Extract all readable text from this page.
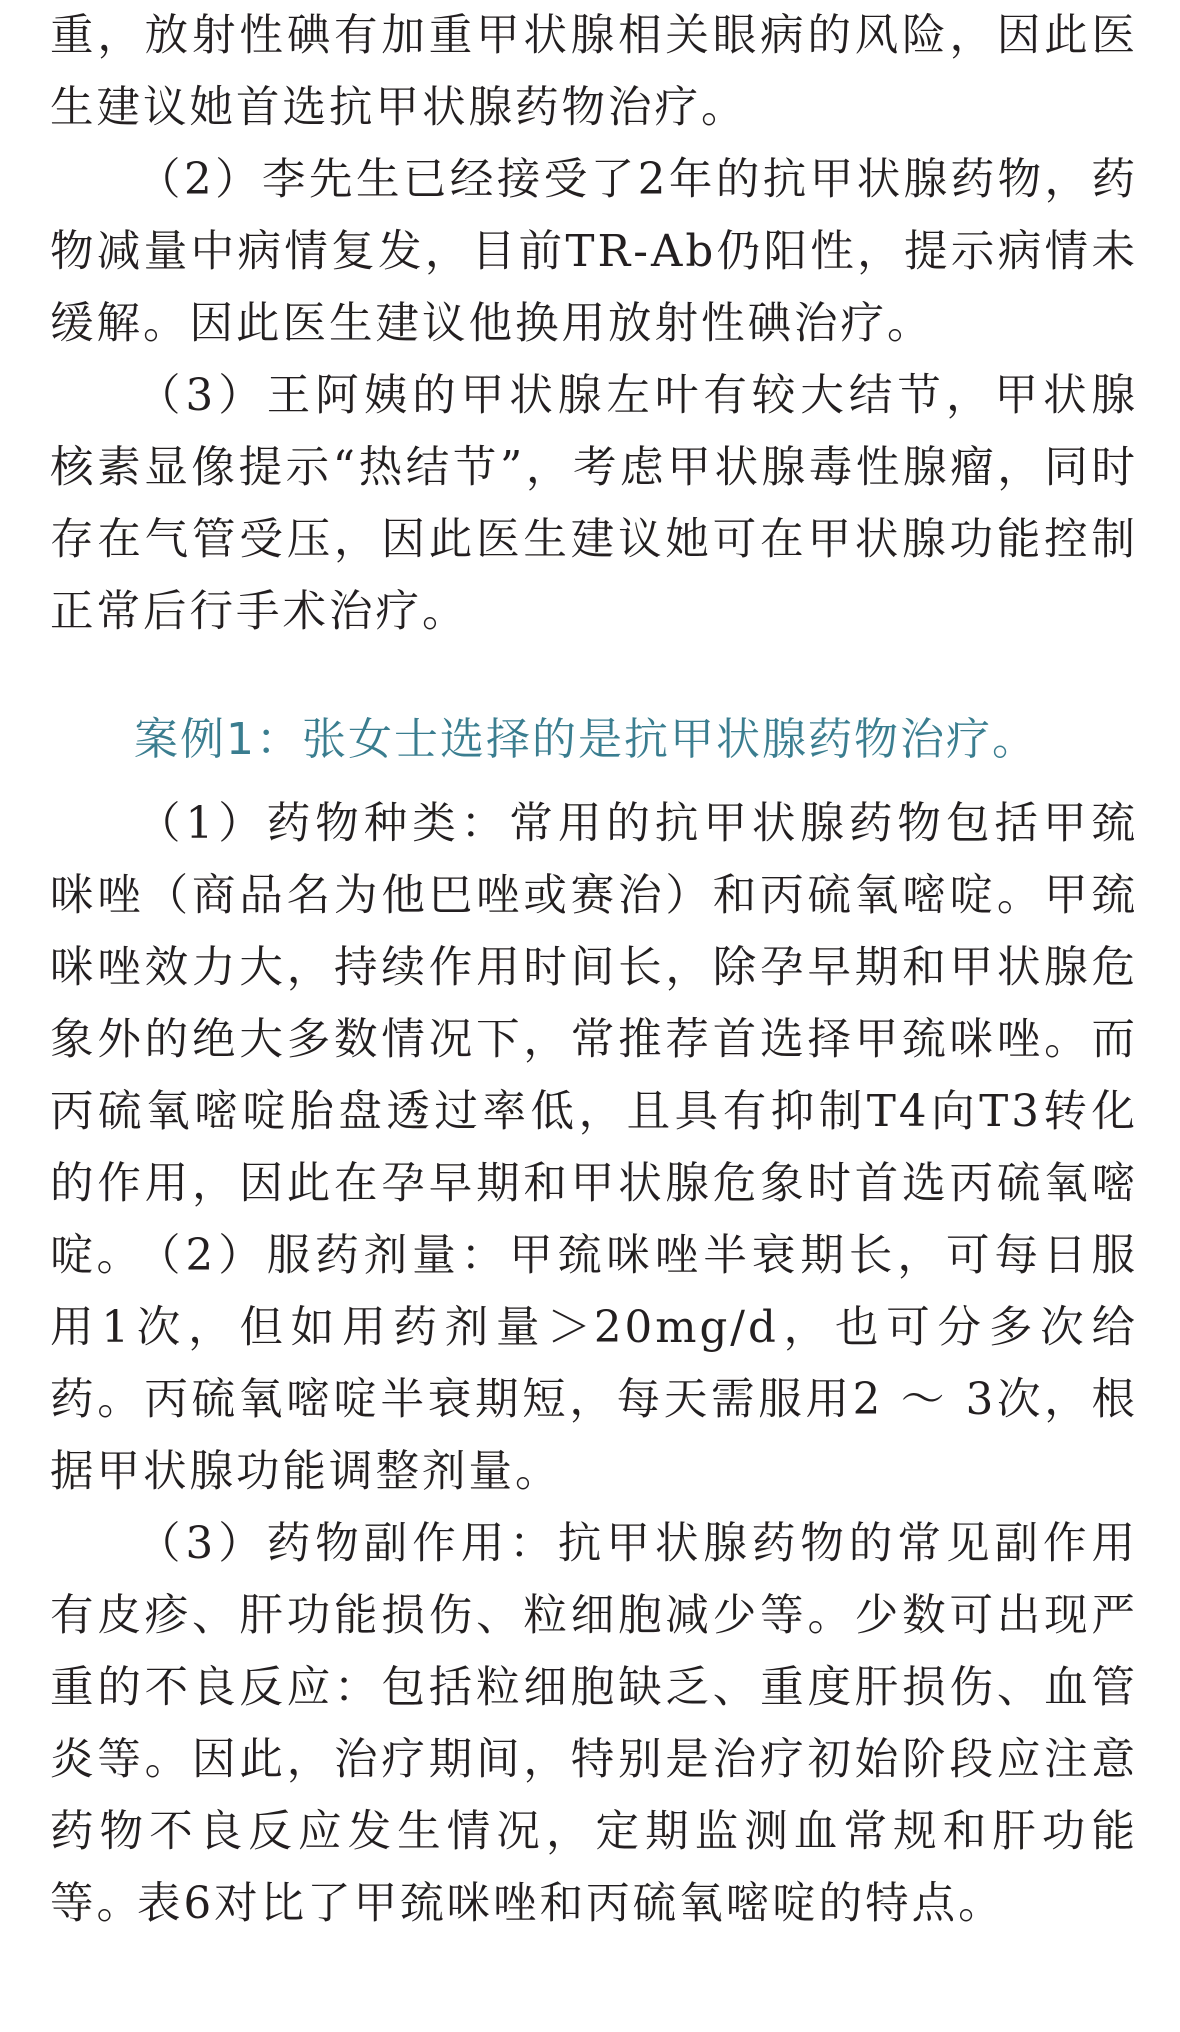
重，放射性碘有加重甲状腺相关眼病的风险，因此医生建议她首选抗甲状腺药物治疗。

（2）李先生已经接受了2年的抗甲状腺药物，药物减量中病情复发，目前TR-Ab仍阳性，提示病情未缓解。因此医生建议他换用放射性碘治疗。

（3）王阿姨的甲状腺左叶有较大结节，甲状腺核素显像提示“热结节”，考虑甲状腺毒性腺瘤，同时存在气管受压，因此医生建议她可在甲状腺功能控制正常后行手术治疗。

案例1：张女士选择的是抗甲状腺药物治疗。

（1）药物种类：常用的抗甲状腺药物包括甲巯咪唑（商品名为他巴唑或赛治）和丙硫氧嘧啶。甲巯咪唑效力大，持续作用时间长，除孕早期和甲状腺危象外的绝大多数情况下，常推荐首选择甲巯咪唑。而丙硫氧嘧啶胎盘透过率低，且具有抑制T4向T3转化的作用，因此在孕早期和甲状腺危象时首选丙硫氧嘧啶。

（2）服药剂量：甲巯咪唑半衰期长，可每日服用1次，但如用药剂量＞20mg/d，也可分多次给药。丙硫氧嘧啶半衰期短，每天需服用2 ～ 3次，根据甲状腺功能调整剂量。

（3）药物副作用：抗甲状腺药物的常见副作用有皮疹、肝功能损伤、粒细胞减少等。少数可出现严重的不良反应：包括粒细胞缺乏、重度肝损伤、血管炎等。因此，治疗期间，特别是治疗初始阶段应注意药物不良反应发生情况，定期监测血常规和肝功能等。

表6对比了甲巯咪唑和丙硫氧嘧啶的特点。
